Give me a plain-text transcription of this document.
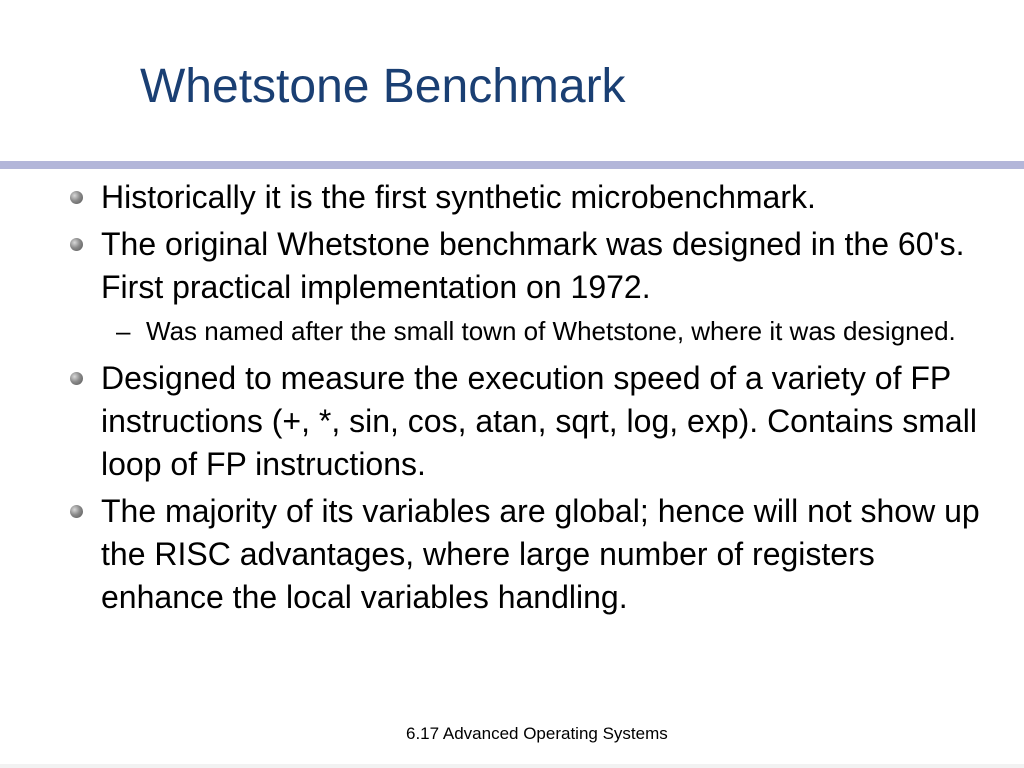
Whetstone Benchmark
Historically it is the first synthetic microbenchmark.
The original Whetstone benchmark was designed in the 60's. First practical implementation on 1972.
– Was named after the small town of Whetstone, where it was designed.
Designed to measure the execution speed of a variety of FP instructions (+, *, sin, cos, atan, sqrt, log, exp). Contains small loop of FP instructions.
The majority of its variables are global; hence will not show up the RISC advantages, where large number of registers enhance the local variables handling.
6.17 Advanced Operating Systems
